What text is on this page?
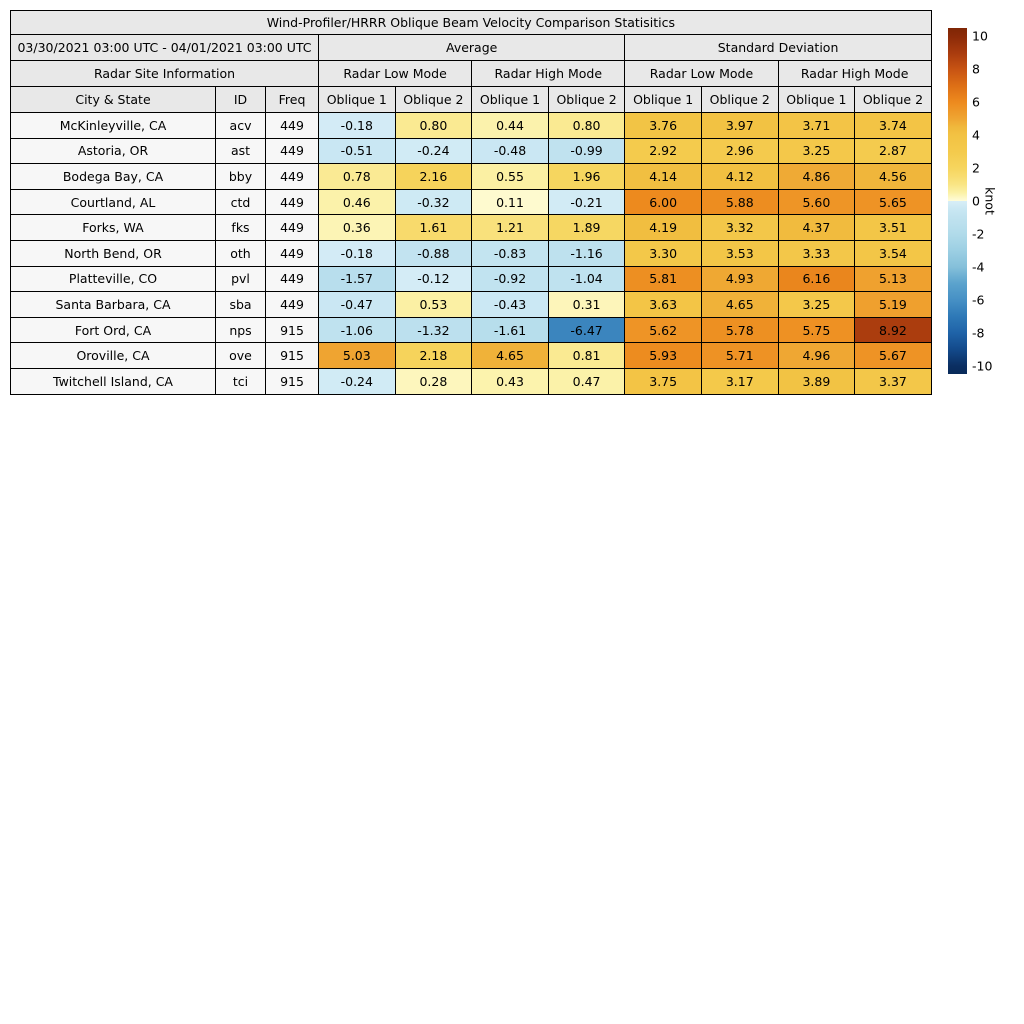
Wind-Profiler/HRRR Oblique Beam Velocity Comparison Statisitics										
03/30/2021 03:00 UTC - 04/01/2021 03:00 UTC			Average				Standard Deviation			
Radar Site Information			Radar Low Mode		Radar High Mode		Radar Low Mode		Radar High Mode	
City & State	ID	Freq	Oblique 1	Oblique 2	Oblique 1	Oblique 2	Oblique 1	Oblique 2	Oblique 1	Oblique 2
McKinleyville, CA	acv	449	-0.18	0.80	0.44	0.80	3.76	3.97	3.71	3.74
Astoria, OR	ast	449	-0.51	-0.24	-0.48	-0.99	2.92	2.96	3.25	2.87
Bodega Bay, CA	bby	449	0.78	2.16	0.55	1.96	4.14	4.12	4.86	4.56
Courtland, AL	ctd	449	0.46	-0.32	0.11	-0.21	6.00	5.88	5.60	5.65
Forks, WA	fks	449	0.36	1.61	1.21	1.89	4.19	3.32	4.37	3.51
North Bend, OR	oth	449	-0.18	-0.88	-0.83	-1.16	3.30	3.53	3.33	3.54
Platteville, CO	pvl	449	-1.57	-0.12	-0.92	-1.04	5.81	4.93	6.16	5.13
Santa Barbara, CA	sba	449	-0.47	0.53	-0.43	0.31	3.63	4.65	3.25	5.19
Fort Ord, CA	nps	915	-1.06	-1.32	-1.61	-6.47	5.62	5.78	5.75	8.92
Oroville, CA	ove	915	5.03	2.18	4.65	0.81	5.93	5.71	4.96	5.67
Twitchell Island, CA	tci	915	-0.24	0.28	0.43	0.47	3.75	3.17	3.89	3.37
knot
10
8
6
4
2
0
-2
-4
-6
-8
-10
